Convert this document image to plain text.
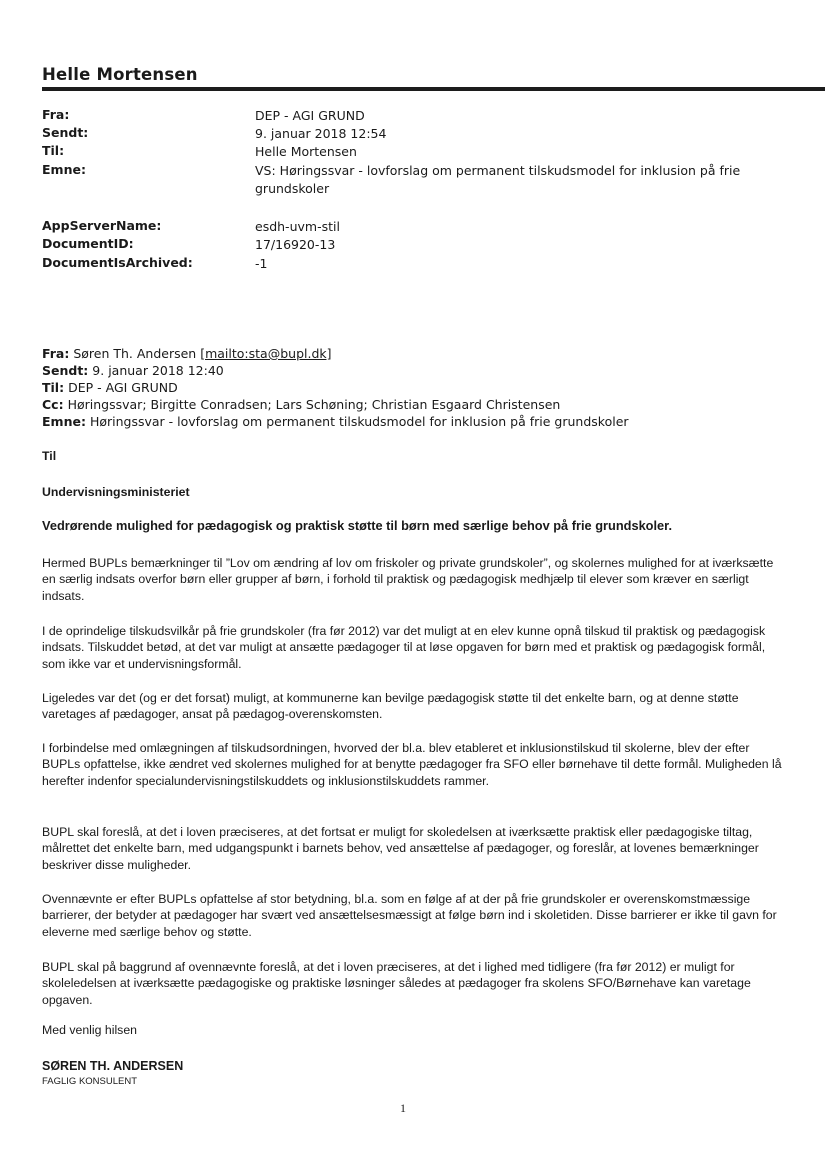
Helle Mortensen
Fra:	DEP - AGI GRUND
Sendt:	9. januar 2018 12:54
Til:	Helle Mortensen
Emne:	VS: Høringssvar - lovforslag om permanent tilskudsmodel for inklusion på frie grundskoler
AppServerName:	esdh-uvm-stil
DocumentID:	17/16920-13
DocumentIsArchived:	-1
Fra: Søren Th. Andersen [mailto:sta@bupl.dk]
Sendt: 9. januar 2018 12:40
Til: DEP - AGI GRUND
Cc: Høringssvar; Birgitte Conradsen; Lars Schøning; Christian Esgaard Christensen
Emne: Høringssvar - lovforslag om permanent tilskudsmodel for inklusion på frie grundskoler
Til
Undervisningsministeriet
Vedrørende mulighed for pædagogisk og praktisk støtte til børn med særlige behov på frie grundskoler.
Hermed BUPLs bemærkninger til ”Lov om ændring af lov om friskoler og private grundskoler”, og skolernes mulighed for at iværksætte en særlig indsats overfor børn eller grupper af børn, i forhold til praktisk og pædagogisk medhjælp til elever som kræver en særligt indsats.
I de oprindelige tilskudsvilkår på frie grundskoler (fra før 2012) var det muligt at en elev kunne opnå tilskud til praktisk og pædagogisk indsats. Tilskuddet betød, at det var muligt at ansætte pædagoger til at løse opgaven for børn med et praktisk og pædagogisk formål, som ikke var et undervisningsformål.
Ligeledes var det (og er det forsat) muligt, at kommunerne kan bevilge pædagogisk støtte til det enkelte barn, og at denne støtte varetages af pædagoger, ansat på pædagog-overenskomsten.
I forbindelse med omlægningen af tilskudsordningen, hvorved der bl.a. blev etableret et inklusionstilskud til skolerne, blev der efter BUPLs opfattelse, ikke ændret ved skolernes mulighed for at benytte pædagoger fra SFO eller børnehave til dette formål. Muligheden lå herefter indenfor specialundervisningstilskuddets og inklusionstilskuddets rammer.
BUPL skal foreslå, at det i loven præciseres, at det fortsat er muligt for skoledelsen at iværksætte praktisk eller pædagogiske tiltag, målrettet det enkelte barn, med udgangspunkt i barnets behov, ved ansættelse af pædagoger, og foreslår, at lovenes bemærkninger beskriver disse muligheder.
Ovennævnte er efter BUPLs opfattelse af stor betydning, bl.a. som en følge af at der på frie grundskoler er overenskomstmæssige barrierer, der betyder at pædagoger har svært ved ansættelsesmæssigt at følge børn ind i skoletiden. Disse barrierer er ikke til gavn for eleverne med særlige behov og støtte.
BUPL skal på baggrund af ovennævnte foreslå, at det i loven præciseres, at det i lighed med tidligere (fra før 2012) er muligt for skoleledelsen at iværksætte pædagogiske og praktiske løsninger således at pædagoger fra skolens SFO/Børnehave kan varetage opgaven.
Med venlig hilsen
SØREN TH. ANDERSEN
FAGLIG KONSULENT
1
